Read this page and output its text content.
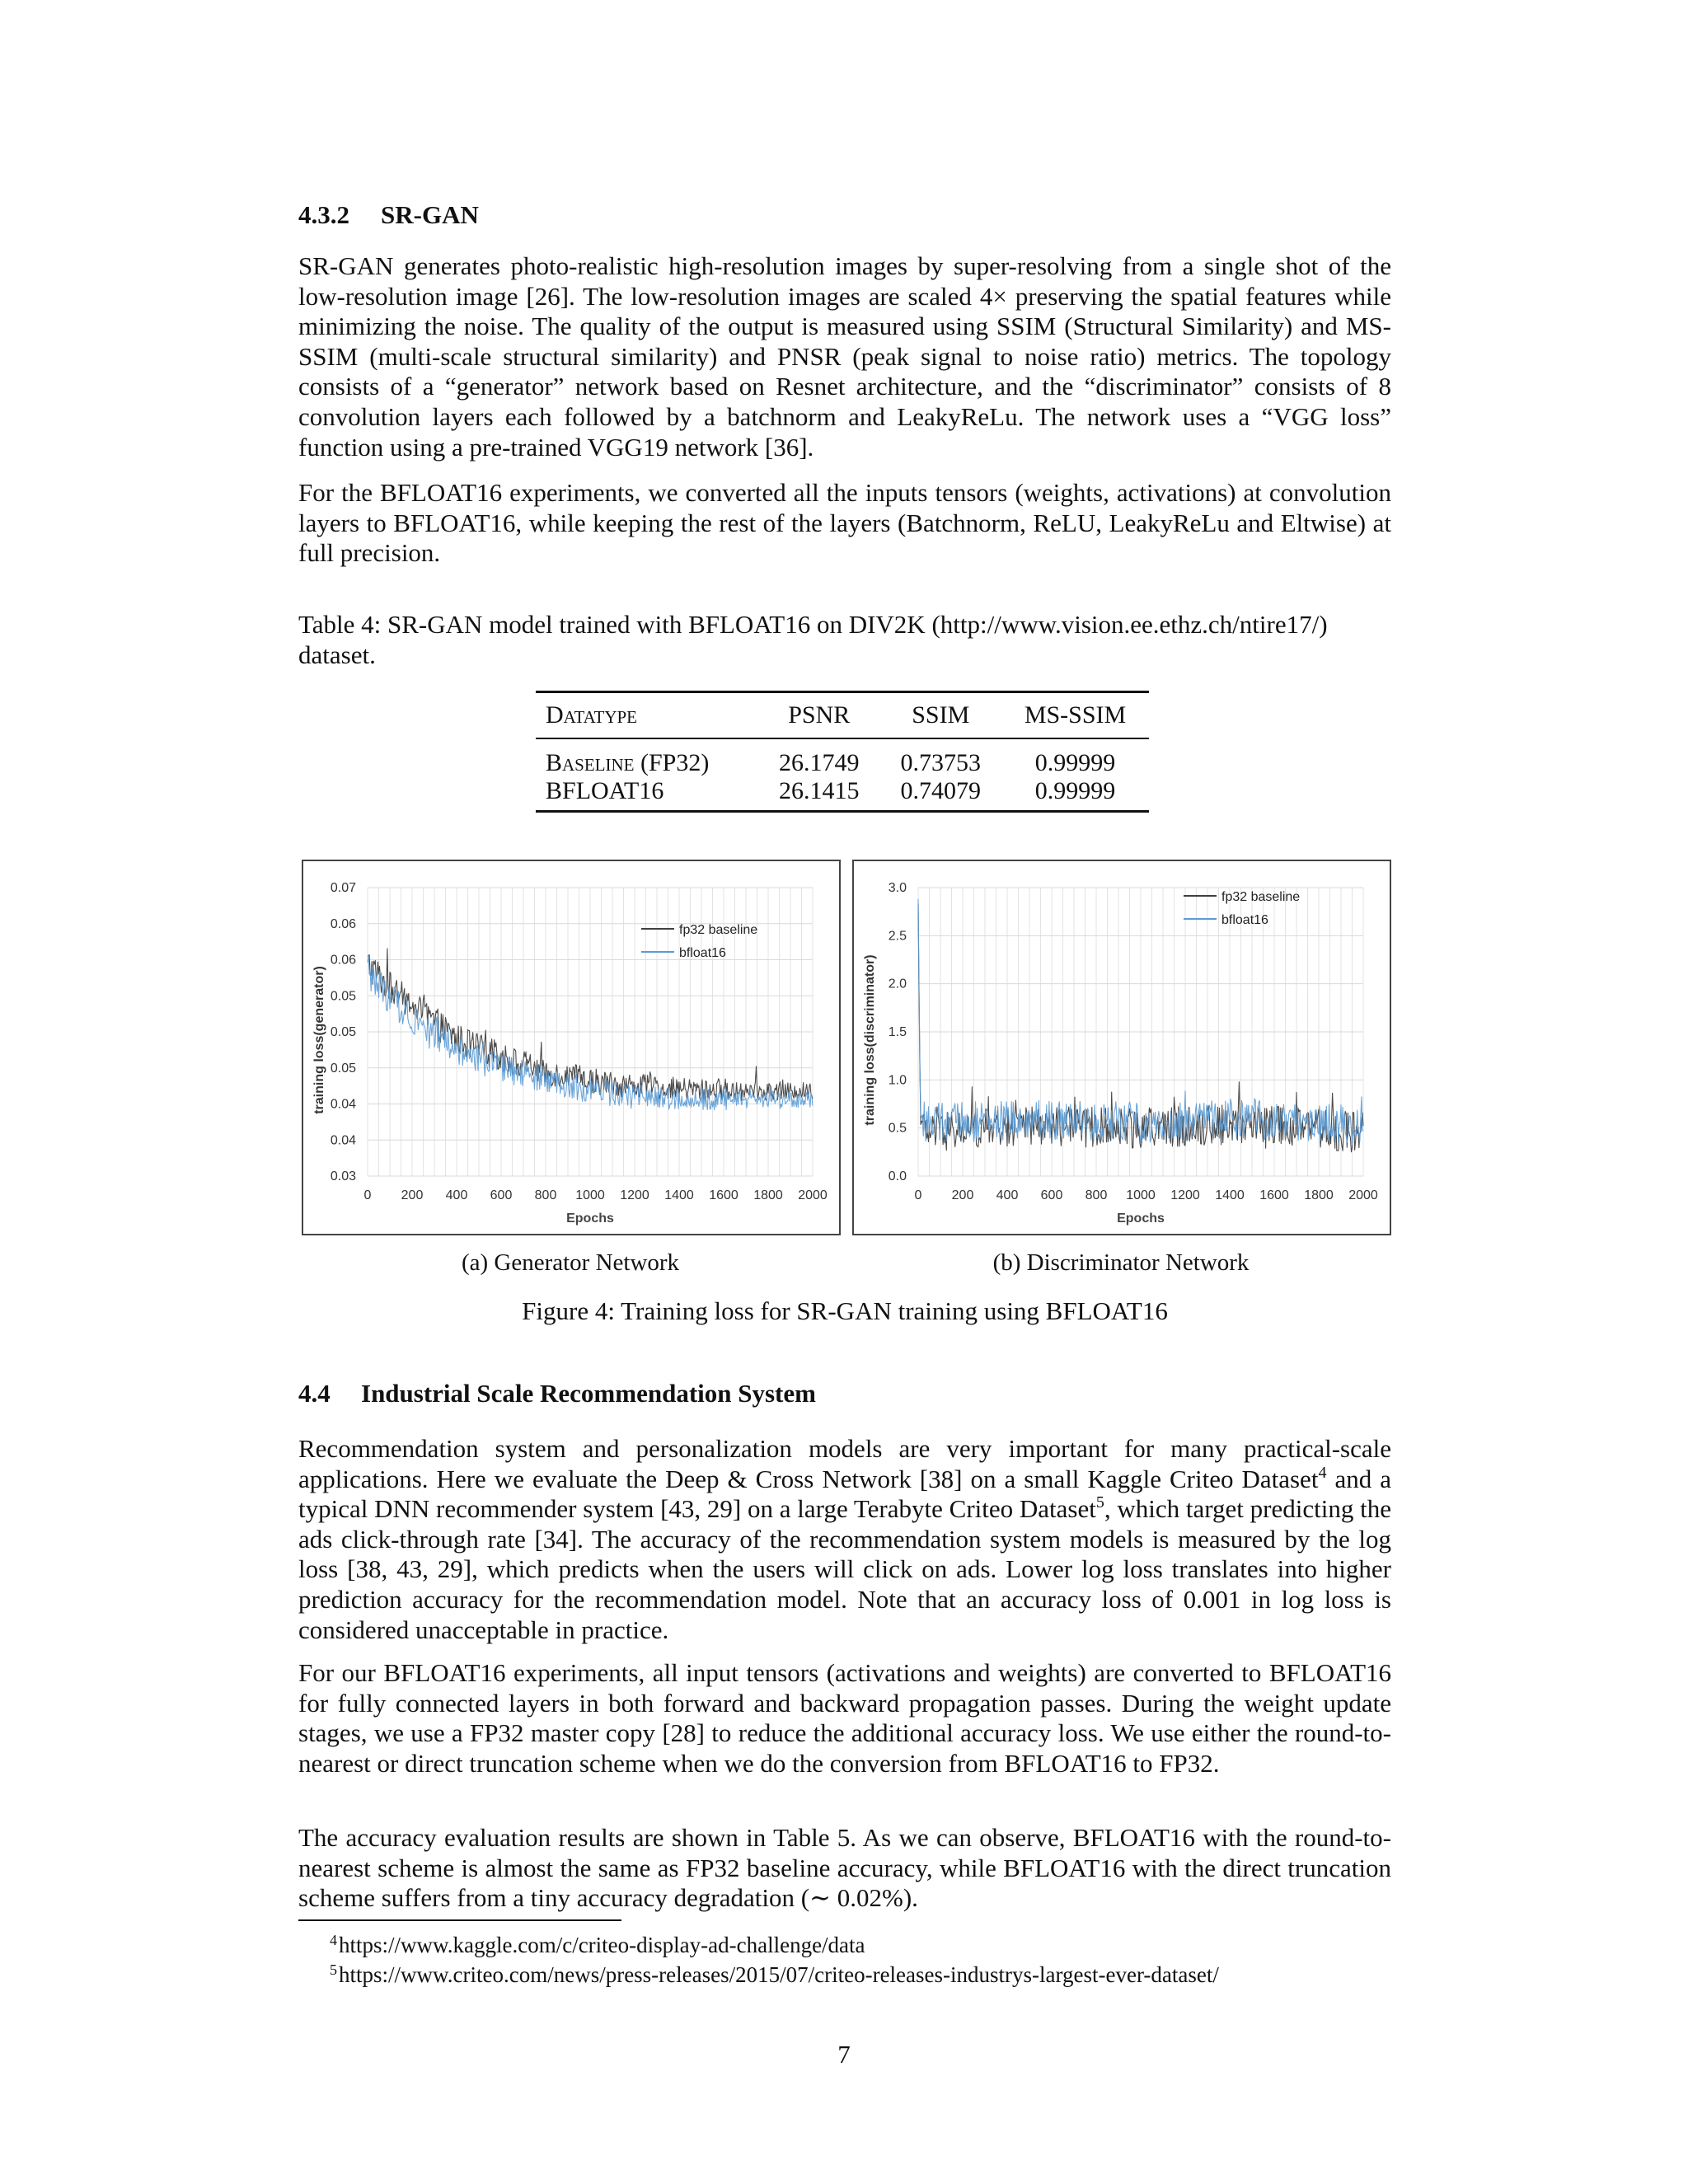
4.3.2 SR-GAN
SR-GAN generates photo-realistic high-resolution images by super-resolving from a single shot of the low-resolution image [26]. The low-resolution images are scaled 4× preserving the spatial features while minimizing the noise. The quality of the output is measured using SSIM (Structural Similarity) and MS-SSIM (multi-scale structural similarity) and PNSR (peak signal to noise ratio) metrics. The topology consists of a “generator” network based on Resnet architecture, and the “discriminator” consists of 8 convolution layers each followed by a batchnorm and LeakyReLu. The network uses a “VGG loss” function using a pre-trained VGG19 network [36].
For the BFLOAT16 experiments, we converted all the inputs tensors (weights, activations) at convolution layers to BFLOAT16, while keeping the rest of the layers (Batchnorm, ReLU, LeakyReLu and Eltwise) at full precision.
Table 4: SR-GAN model trained with BFLOAT16 on DIV2K (http://www.vision.ee.ethz.ch/ntire17/) dataset.
Datatype	PSNR	SSIM	MS-SSIM
Baseline (FP32)	26.1749	0.73753	0.99999
BFLOAT16	26.1415	0.74079	0.99999
0 200 400 600 800 1000 1200 1400 1600 1800 2000
0.03
0.04
0.04
0.05
0.05
0.05
0.06
0.06
0.07
Epochs
training loss(generator)
fp32 baseline
bfloat16
0 200 400 600 800 1000 1200 1400 1600 1800 2000
0.0
0.5
1.0
1.5
2.0
2.5
3.0
Epochs
training loss(discriminator)
fp32 baseline
bfloat16
(a) Generator Network	(b) Discriminator Network
Figure 4: Training loss for SR-GAN training using BFLOAT16
4.4 Industrial Scale Recommendation System
Recommendation system and personalization models are very important for many practical-scale applications. Here we evaluate the Deep & Cross Network [38] on a small Kaggle Criteo Dataset$^4$ and a typical DNN recommender system [43, 29] on a large Terabyte Criteo Dataset$^5$, which target predicting the ads click-through rate [34]. The accuracy of the recommendation system models is measured by the log loss [38, 43, 29], which predicts when the users will click on ads. Lower log loss translates into higher prediction accuracy for the recommendation model. Note that an accuracy loss of 0.001 in log loss is considered unacceptable in practice.
For our BFLOAT16 experiments, all input tensors (activations and weights) are converted to BFLOAT16 for fully connected layers in both forward and backward propagation passes. During the weight update stages, we use a FP32 master copy [28] to reduce the additional accuracy loss. We use either the round-to-nearest or direct truncation scheme when we do the conversion from BFLOAT16 to FP32.
The accuracy evaluation results are shown in Table 5. As we can observe, BFLOAT16 with the round-to-nearest scheme is almost the same as FP32 baseline accuracy, while BFLOAT16 with the direct truncation scheme suffers from a tiny accuracy degradation (∼ 0.02%).
$^4$https://www.kaggle.com/c/criteo-display-ad-challenge/data
$^5$https://www.criteo.com/news/press-releases/2015/07/criteo-releases-industrys-largest-ever-dataset/
7
